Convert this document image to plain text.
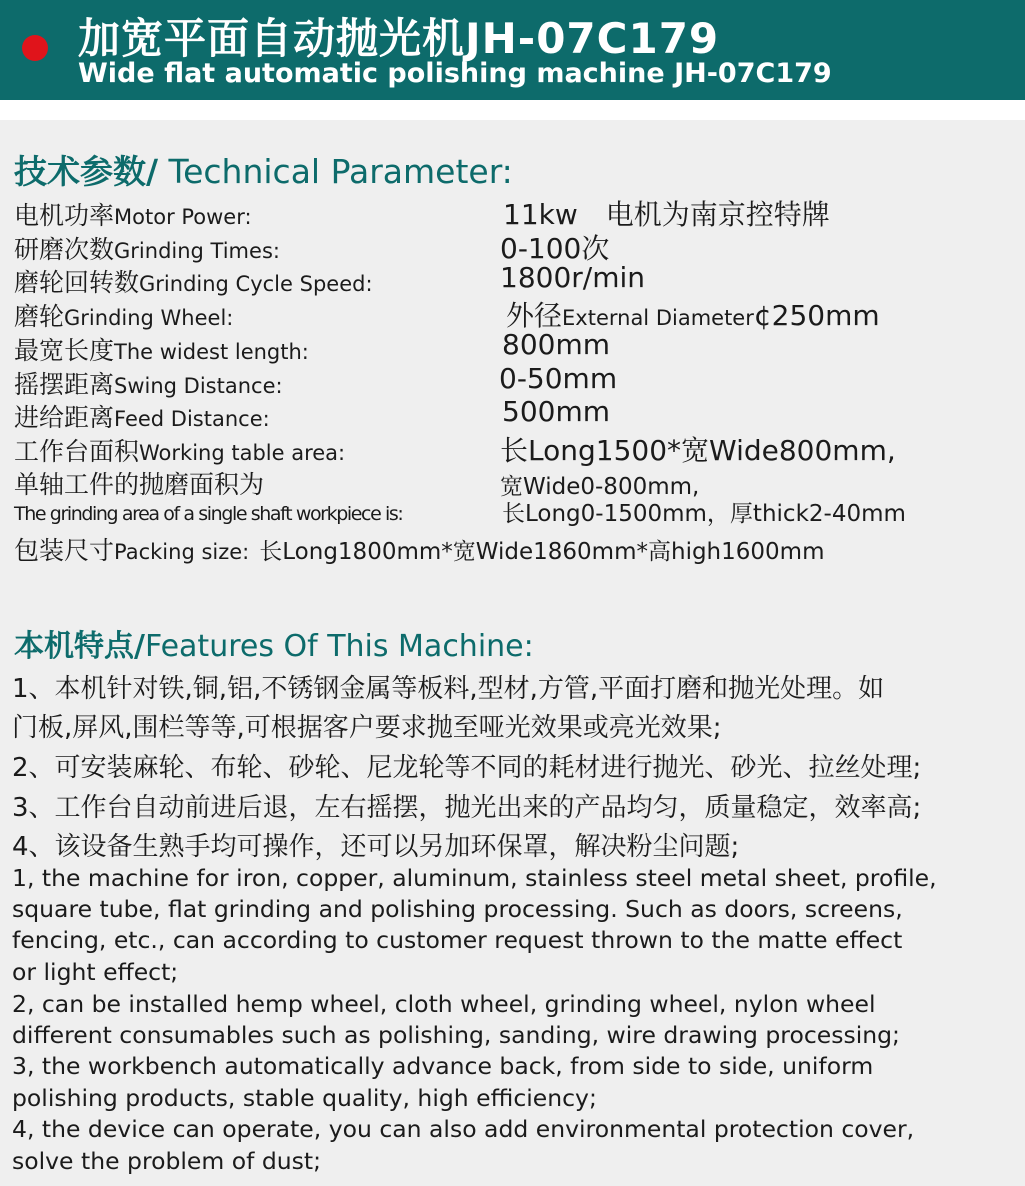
加宽平面自动抛光机JH-07C179
Wide flat automatic polishing machine JH-07C179
技术参数/ Technical Parameter:
电机功率Motor Power:	11kw　电机为南京控特牌
研磨次数Grinding Times:	0-100次
磨轮回转数Grinding Cycle Speed:	1800r/min
磨轮Grinding Wheel:	外径External Diameter¢250mm
最宽长度The widest length:	800mm
摇摆距离Swing Distance:	0-50mm
进给距离Feed Distance:	500mm
工作台面积Working table area:	长Long1500*宽Wide800mm,
单轴工件的抛磨面积为	宽Wide0-800mm,
The grinding area of a single shaft workpiece is:	长Long0-1500mm，厚thick2-40mm
包装尺寸Packing size: 长Long1800mm*宽Wide1860mm*高high1600mm
本机特点/Features Of This Machine:
1、本机针对铁,铜,铝,不锈钢金属等板料,型材,方管,平面打磨和抛光处理。如
门板,屏风,围栏等等,可根据客户要求抛至哑光效果或亮光效果;
2、可安装麻轮、布轮、砂轮、尼龙轮等不同的耗材进行抛光、砂光、拉丝处理;
3、工作台自动前进后退，左右摇摆，抛光出来的产品均匀，质量稳定，效率高;
4、该设备生熟手均可操作，还可以另加环保罩，解决粉尘问题;
1, the machine for iron, copper, aluminum, stainless steel metal sheet, profile,
square tube, flat grinding and polishing processing. Such as doors, screens,
fencing, etc., can according to customer request thrown to the matte effect
or light effect;
2, can be installed hemp wheel, cloth wheel, grinding wheel, nylon wheel
different consumables such as polishing, sanding, wire drawing processing;
3, the workbench automatically advance back, from side to side, uniform
polishing products, stable quality, high efficiency;
4, the device can operate, you can also add environmental protection cover,
solve the problem of dust;
